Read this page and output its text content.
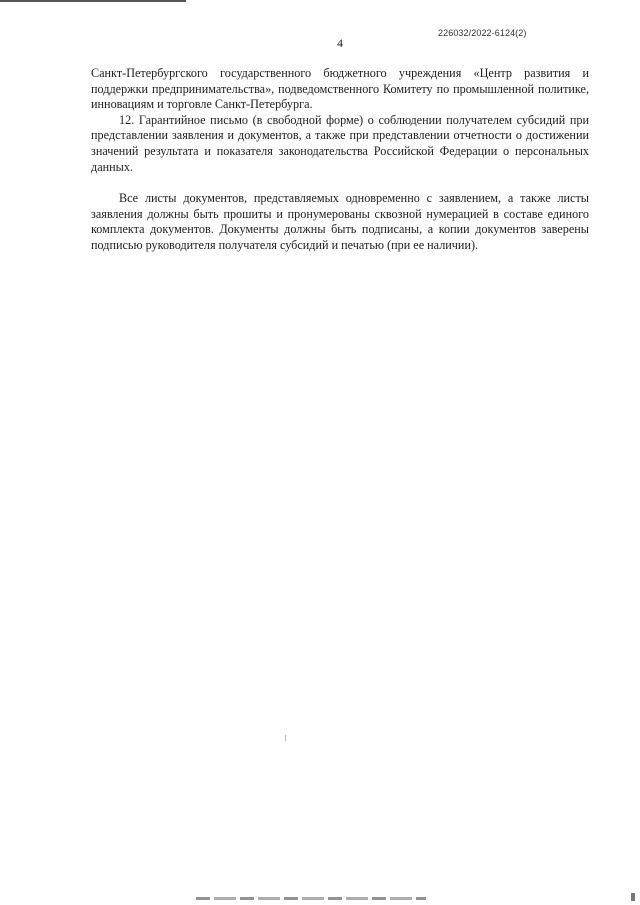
226032/2022-6124(2)
4

Санкт-Петербургского государственного бюджетного учреждения «Центр развития и поддержки предпринимательства», подведомственного Комитету по промышленной политике, инновациям и торговле Санкт-Петербурга.

12. Гарантийное письмо (в свободной форме) о соблюдении получателем субсидий при представлении заявления и документов, а также при представлении отчетности о достижении значений результата и показателя законодательства Российской Федерации о персональных данных.

Все листы документов, представляемых одновременно с заявлением, а также листы заявления должны быть прошиты и пронумерованы сквозной нумерацией в составе единого комплекта документов. Документы должны быть подписаны, а копии документов заверены подписью руководителя получателя субсидий и печатью (при ее наличии).
